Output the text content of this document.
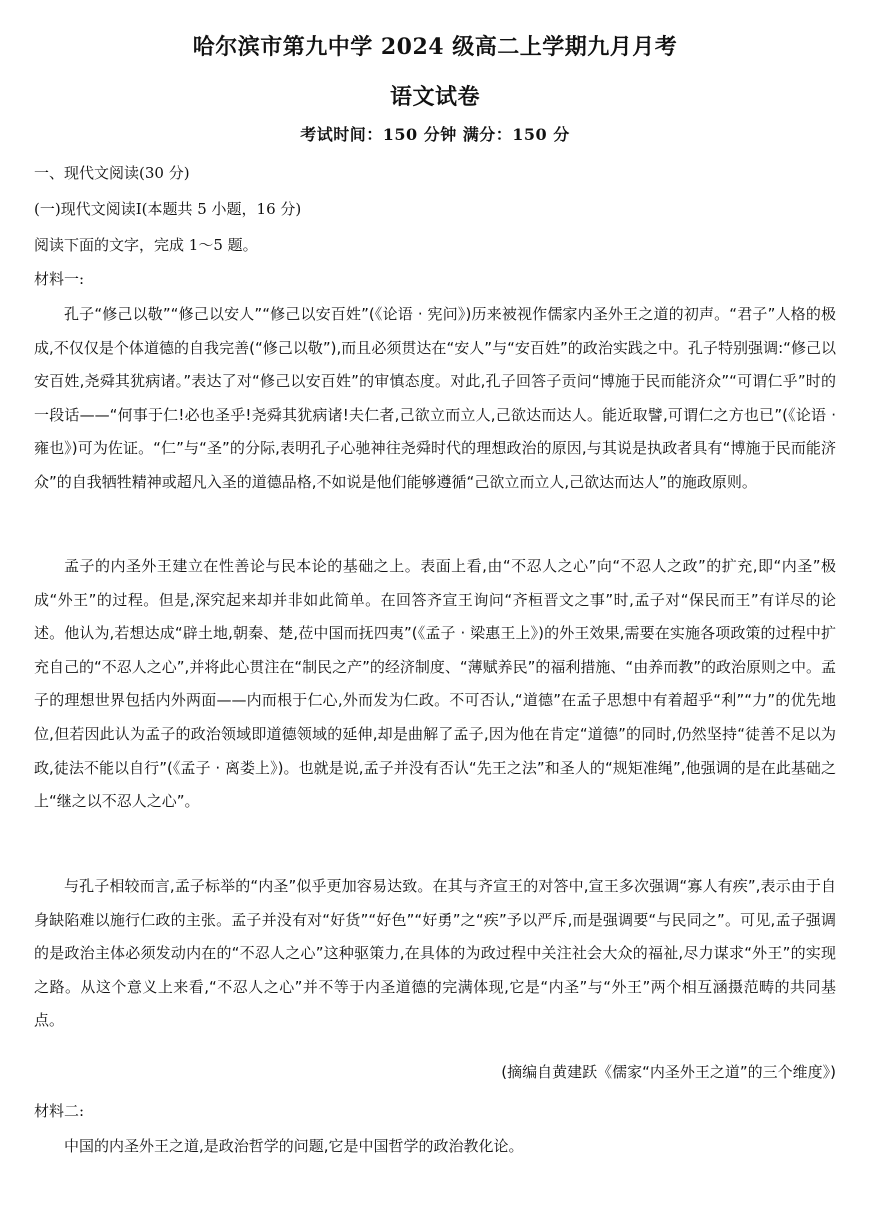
哈尔滨市第九中学 2024 级高二上学期九月月考
语文试卷
考试时间：150 分钟 满分：150 分
一、现代文阅读(30 分)
(一)现代文阅读Ⅰ(本题共 5 小题，16 分)
阅读下面的文字，完成 1～5 题。
材料一:
孔子“修己以敬”“修己以安人”“修己以安百姓”(《论语 · 宪问》)历来被视作儒家内圣外王之道的初声。“君子”人格的极成,不仅仅是个体道德的自我完善(“修己以敬”),而且必须贯达在“安人”与“安百姓”的政治实践之中。孔子特别强调:“修己以安百姓,尧舜其犹病诸。”表达了对“修己以安百姓”的审慎态度。对此,孔子回答子贡问“博施于民而能济众”“可谓仁乎”时的一段话——“何事于仁!必也圣乎!尧舜其犹病诸!夫仁者,己欲立而立人,己欲达而达人。能近取譬,可谓仁之方也已”(《论语 · 雍也》)可为佐证。“仁”与“圣”的分际,表明孔子心驰神往尧舜时代的理想政治的原因,与其说是执政者具有“博施于民而能济众”的自我牺牲精神或超凡入圣的道德品格,不如说是他们能够遵循“己欲立而立人,己欲达而达人”的施政原则。
孟子的内圣外王建立在性善论与民本论的基础之上。表面上看,由“不忍人之心”向“不忍人之政”的扩充,即“内圣”极成“外王”的过程。但是,深究起来却并非如此简单。在回答齐宣王询问“齐桓晋文之事”时,孟子对“保民而王”有详尽的论述。他认为,若想达成“辟土地,朝秦、楚,莅中国而抚四夷”(《孟子 · 梁惠王上》)的外王效果,需要在实施各项政策的过程中扩充自己的“不忍人之心”,并将此心贯注在“制民之产”的经济制度、“薄赋养民”的福利措施、“由养而教”的政治原则之中。孟子的理想世界包括内外两面——内而根于仁心,外而发为仁政。不可否认,“道德”在孟子思想中有着超乎“利”“力”的优先地位,但若因此认为孟子的政治领域即道德领域的延伸,却是曲解了孟子,因为他在肯定“道德”的同时,仍然坚持“徒善不足以为政,徒法不能以自行”(《孟子 · 离娄上》)。也就是说,孟子并没有否认“先王之法”和圣人的“规矩准绳”,他强调的是在此基础之上“继之以不忍人之心”。
与孔子相较而言,孟子标举的“内圣”似乎更加容易达致。在其与齐宣王的对答中,宣王多次强调“寡人有疾”,表示由于自身缺陷难以施行仁政的主张。孟子并没有对“好货”“好色”“好勇”之“疾”予以严斥,而是强调要“与民同之”。可见,孟子强调的是政治主体必须发动内在的“不忍人之心”这种驱策力,在具体的为政过程中关注社会大众的福祉,尽力谋求“外王”的实现之路。从这个意义上来看,“不忍人之心”并不等于内圣道德的完满体现,它是“内圣”与“外王”两个相互涵摄范畴的共同基点。
(摘编自黄建跃《儒家“内圣外王之道”的三个维度》)
材料二:
中国的内圣外王之道,是政治哲学的问题,它是中国哲学的政治教化论。
